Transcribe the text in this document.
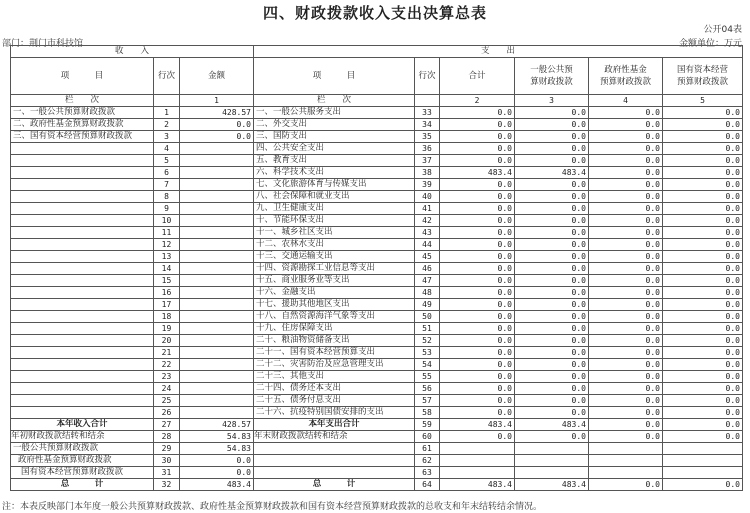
四、财政拨款收入支出决算总表
公开04表
部门：荆门市科技馆	金额单位：万元
收　　入			支　　出					
项　　　目	行次	金额	项　　　目	行次	合计	一般公共预
算财政拨款	政府性基金
预算财政拨款	国有资本经营
预算财政拨款
栏　　次		1	栏　　次		2	3	4	5
一、一般公共预算财政拨款	1	428.57	一、一般公共服务支出	33	0.0	0.0	0.0	0.0
二、政府性基金预算财政拨款	2	0.0	二、外交支出	34	0.0	0.0	0.0	0.0
三、国有资本经营预算财政拨款	3	0.0	三、国防支出	35	0.0	0.0	0.0	0.0
	4		四、公共安全支出	36	0.0	0.0	0.0	0.0
	5		五、教育支出	37	0.0	0.0	0.0	0.0
	6		六、科学技术支出	38	483.4	483.4	0.0	0.0
	7		七、文化旅游体育与传媒支出	39	0.0	0.0	0.0	0.0
	8		八、社会保障和就业支出	40	0.0	0.0	0.0	0.0
	9		九、卫生健康支出	41	0.0	0.0	0.0	0.0
	10		十、节能环保支出	42	0.0	0.0	0.0	0.0
	11		十一、城乡社区支出	43	0.0	0.0	0.0	0.0
	12		十二、农林水支出	44	0.0	0.0	0.0	0.0
	13		十三、交通运输支出	45	0.0	0.0	0.0	0.0
	14		十四、资源勘探工业信息等支出	46	0.0	0.0	0.0	0.0
	15		十五、商业服务业等支出	47	0.0	0.0	0.0	0.0
	16		十六、金融支出	48	0.0	0.0	0.0	0.0
	17		十七、援助其他地区支出	49	0.0	0.0	0.0	0.0
	18		十八、自然资源海洋气象等支出	50	0.0	0.0	0.0	0.0
	19		十九、住房保障支出	51	0.0	0.0	0.0	0.0
	20		二十、粮油物资储备支出	52	0.0	0.0	0.0	0.0
	21		二十一、国有资本经营预算支出	53	0.0	0.0	0.0	0.0
	22		二十二、灾害防治及应急管理支出	54	0.0	0.0	0.0	0.0
	23		二十三、其他支出	55	0.0	0.0	0.0	0.0
	24		二十四、债务还本支出	56	0.0	0.0	0.0	0.0
	25		二十五、债务付息支出	57	0.0	0.0	0.0	0.0
	26		二十六、抗疫特别国债安排的支出	58	0.0	0.0	0.0	0.0
本年收入合计	27	428.57	本年支出合计	59	483.4	483.4	0.0	0.0
年初财政拨款结转和结余	28	54.83	年末财政拨款结转和结余	60	0.0	0.0	0.0	0.0
一般公共预算财政拨款	29	54.83		61				
政府性基金预算财政拨款	30	0.0		62				
国有资本经营预算财政拨款	31	0.0		63				
总　　　计	32	483.4	总　　　计	64	483.4	483.4	0.0	0.0
注：本表反映部门本年度一般公共预算财政拨款、政府性基金预算财政拨款和国有资本经营预算财政拨款的总收支和年末结转结余情况。
